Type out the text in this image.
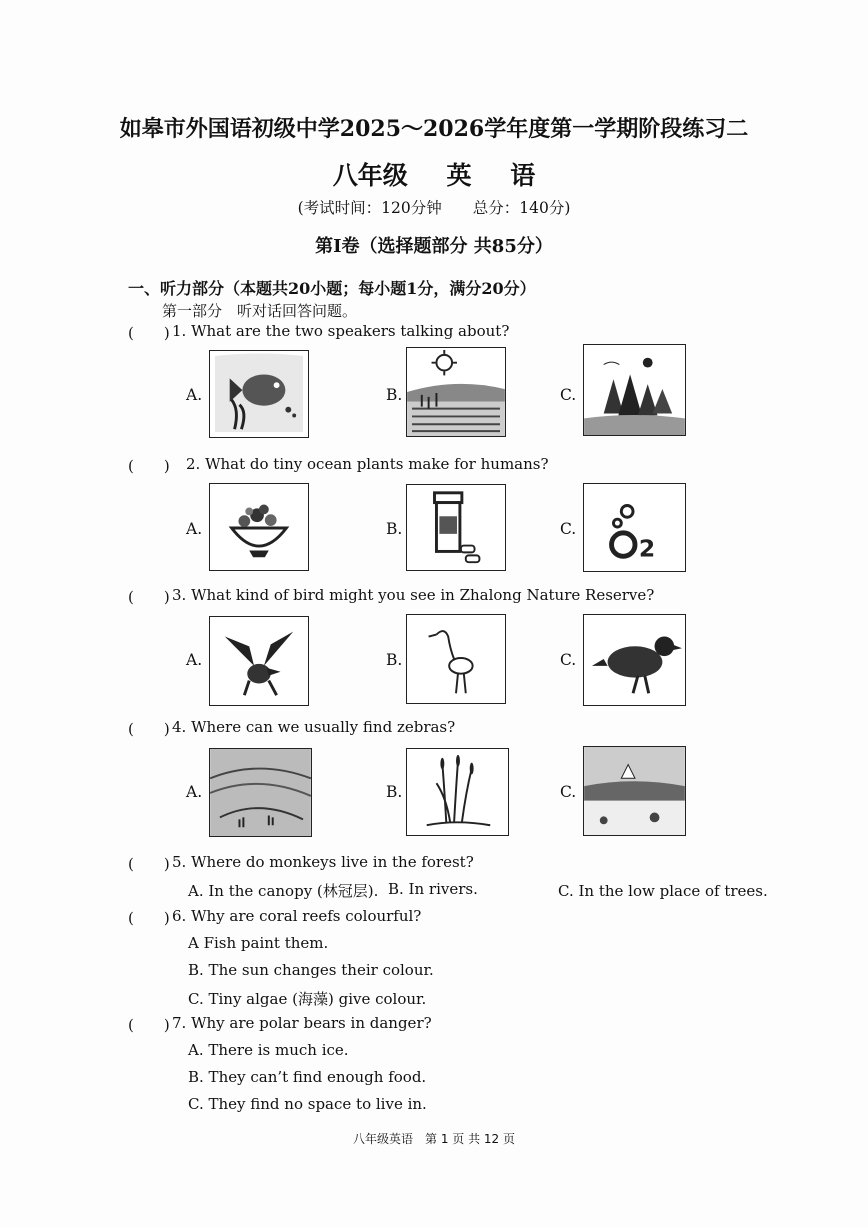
如皋市外国语初级中学2025～2026学年度第一学期阶段练习二
八年级 英 语
(考试时间：120分钟　　总分：140分)
第Ⅰ卷（选择题部分 共85分）
一、听力部分（本题共20小题；每小题1分，满分20分）
第一部分　听对话回答问题。
(　　) 1. What are the two speakers talking about?
A.	B.	C.
(　　) 2. What do tiny ocean plants make for humans?
A.	B.	C.
2
(　　) 3. What kind of bird might you see in Zhalong Nature Reserve?
A.	B.	C.
(　　) 4. Where can we usually find zebras?
A.	B.	C.
(　　) 5. Where do monkeys live in the forest?
A. In the canopy (林冠层). B. In rivers.	C. In the low place of trees.
(　　) 6. Why are coral reefs colourful?
A Fish paint them.
B. The sun changes their colour.
C. Tiny algae (海藻) give colour.
(　　) 7. Why are polar bears in danger?
A. There is much ice.
B. They can’t find enough food.
C. They find no space to live in.
八年级英语　第 1 页 共 12 页
